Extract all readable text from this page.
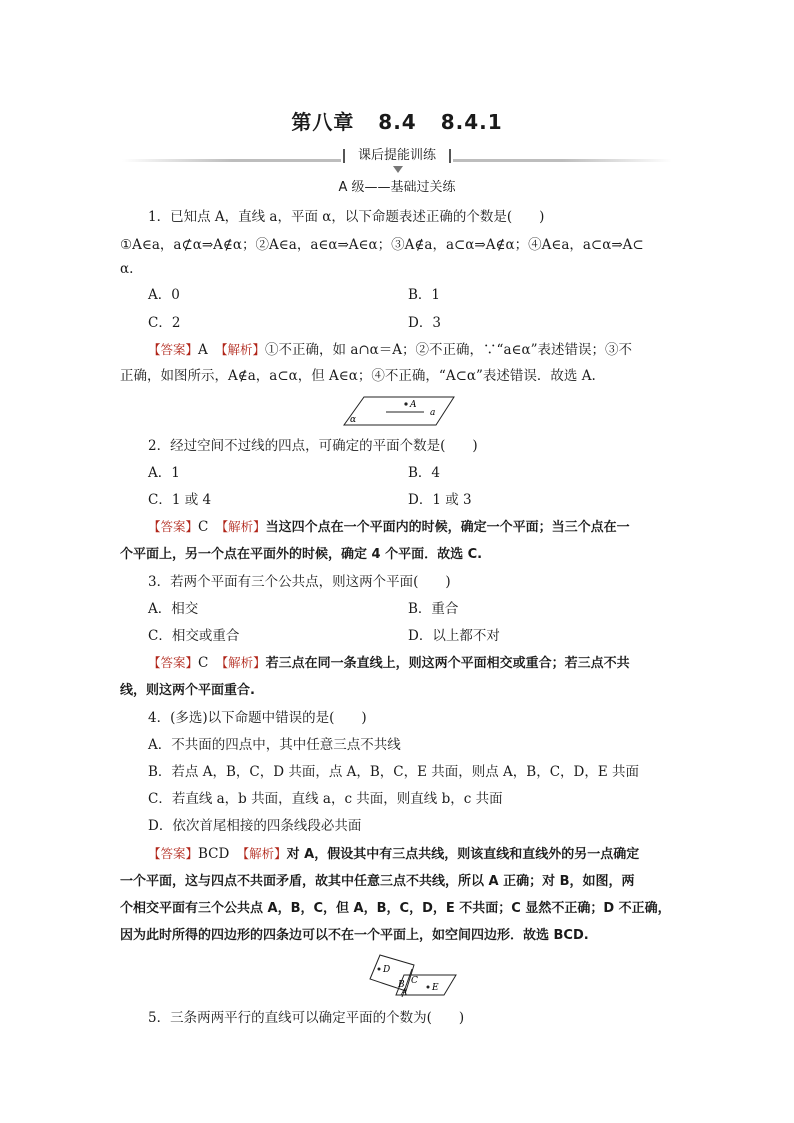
第八章 8.4 8.4.1
课后提能训练
A 级——基础过关练
1．已知点 A，直线 a，平面 α，以下命题表述正确的个数是(　　)
①A∈a，a⊄α⇒A∉α；②A∈a，a∈α⇒A∈α；③A∉a，a⊂α⇒A∉α；④A∈a，a⊂α⇒A⊂
α.
A．0	B．1
C．2	D．3
【答案】A　 【解析】①不正确，如 a∩α＝A；②不正确，∵“a∈α”表述错误；③不
正确，如图所示，A∉a，a⊂α，但 A∈α；④不正确，“A⊂α”表述错误．故选 A.
A
a
α
2．经过空间不过线的四点，可确定的平面个数是(　　)
A．1	B．4
C．1 或 4	D．1 或 3
【答案】C　 【解析】当这四个点在一个平面内的时候，确定一个平面；当三个点在一
个平面上，另一个点在平面外的时候，确定 4 个平面．故选 C.
3．若两个平面有三个公共点，则这两个平面(　　)
A．相交	B．重合
C．相交或重合	D．以上都不对
【答案】C　 【解析】若三点在同一条直线上，则这两个平面相交或重合；若三点不共
线，则这两个平面重合.
4．(多选)以下命题中错误的是(　　)
A．不共面的四点中，其中任意三点不共线
B．若点 A，B，C，D 共面，点 A，B，C，E 共面，则点 A，B，C，D，E 共面
C．若直线 a，b 共面，直线 a，c 共面，则直线 b，c 共面
D．依次首尾相接的四条线段必共面
【答案】BCD　 【解析】对 A，假设其中有三点共线，则该直线和直线外的另一点确定
一个平面，这与四点不共面矛盾，故其中任意三点不共线，所以 A 正确；对 B，如图，两
个相交平面有三个公共点 A，B，C，但 A，B，C，D，E 不共面；C 显然不正确；D 不正确，
因为此时所得的四边形的四条边可以不在一个平面上，如空间四边形．故选 BCD.
D
B C
A	E
5．三条两两平行的直线可以确定平面的个数为(　　)
